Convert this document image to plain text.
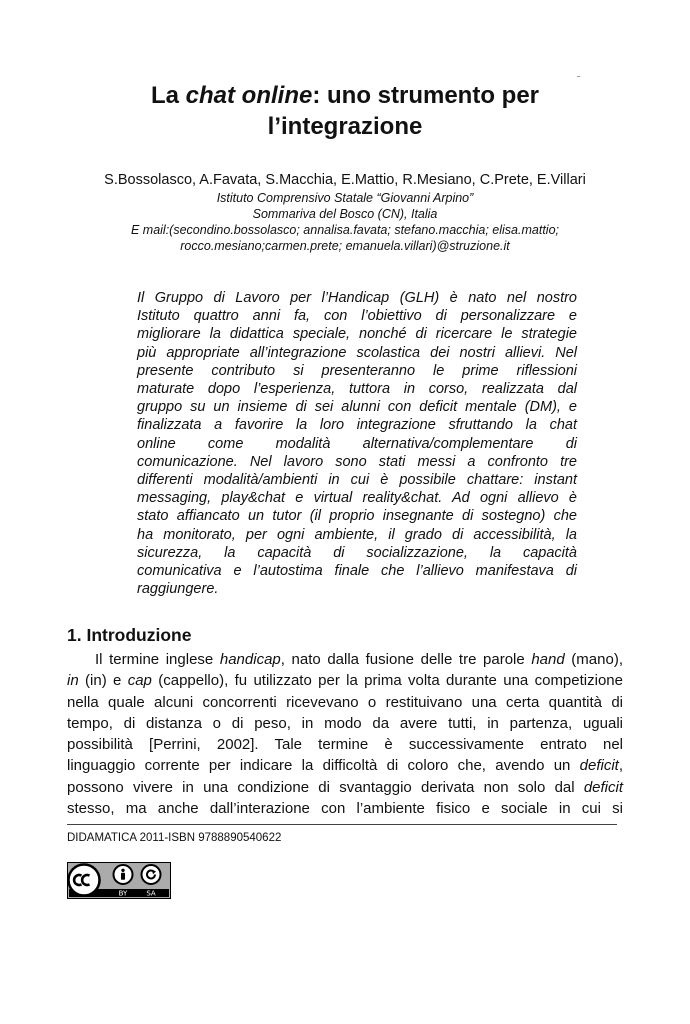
La chat online: uno strumento per
l’integrazione
S.Bossolasco, A.Favata, S.Macchia, E.Mattio, R.Mesiano, C.Prete, E.Villari
Istituto Comprensivo Statale “Giovanni Arpino”
Sommariva del Bosco (CN), Italia
E mail:(secondino.bossolasco; annalisa.favata; stefano.macchia; elisa.mattio;
rocco.mesiano;carmen.prete; emanuela.villari)@struzione.it
Il Gruppo di Lavoro per l’Handicap (GLH) è nato nel nostro
Istituto quattro anni fa, con l’obiettivo di personalizzare e
migliorare la didattica speciale, nonché di ricercare le strategie
più appropriate all’integrazione scolastica dei nostri allievi. Nel
presente contributo si presenteranno le prime riflessioni
maturate dopo l’esperienza, tuttora in corso, realizzata dal
gruppo su un insieme di sei alunni con deficit mentale (DM), e
finalizzata a favorire la loro integrazione sfruttando la chat
online come modalità alternativa/complementare di
comunicazione. Nel lavoro sono stati messi a confronto tre
differenti modalità/ambienti in cui è possibile chattare: instant
messaging, play&chat e virtual reality&chat. Ad ogni allievo è
stato affiancato un tutor (il proprio insegnante di sostegno) che
ha monitorato, per ogni ambiente, il grado di accessibilità, la
sicurezza, la capacità di socializzazione, la capacità
comunicativa e l’autostima finale che l’allievo manifestava di
raggiungere.
1. Introduzione
Il termine inglese handicap, nato dalla fusione delle tre parole hand (mano),
in (in) e cap (cappello), fu utilizzato per la prima volta durante una competizione
nella quale alcuni concorrenti ricevevano o restituivano una certa quantità di
tempo, di distanza o di peso, in modo da avere tutti, in partenza, uguali
possibilità [Perrini, 2002]. Tale termine è successivamente entrato nel
linguaggio corrente per indicare la difficoltà di coloro che, avendo un deficit,
possono vivere in una condizione di svantaggio derivata non solo dal deficit
stesso, ma anche dall’interazione con l’ambiente fisico e sociale in cui si
DIDAMATICA 2011-ISBN 9788890540622
BY	SA
